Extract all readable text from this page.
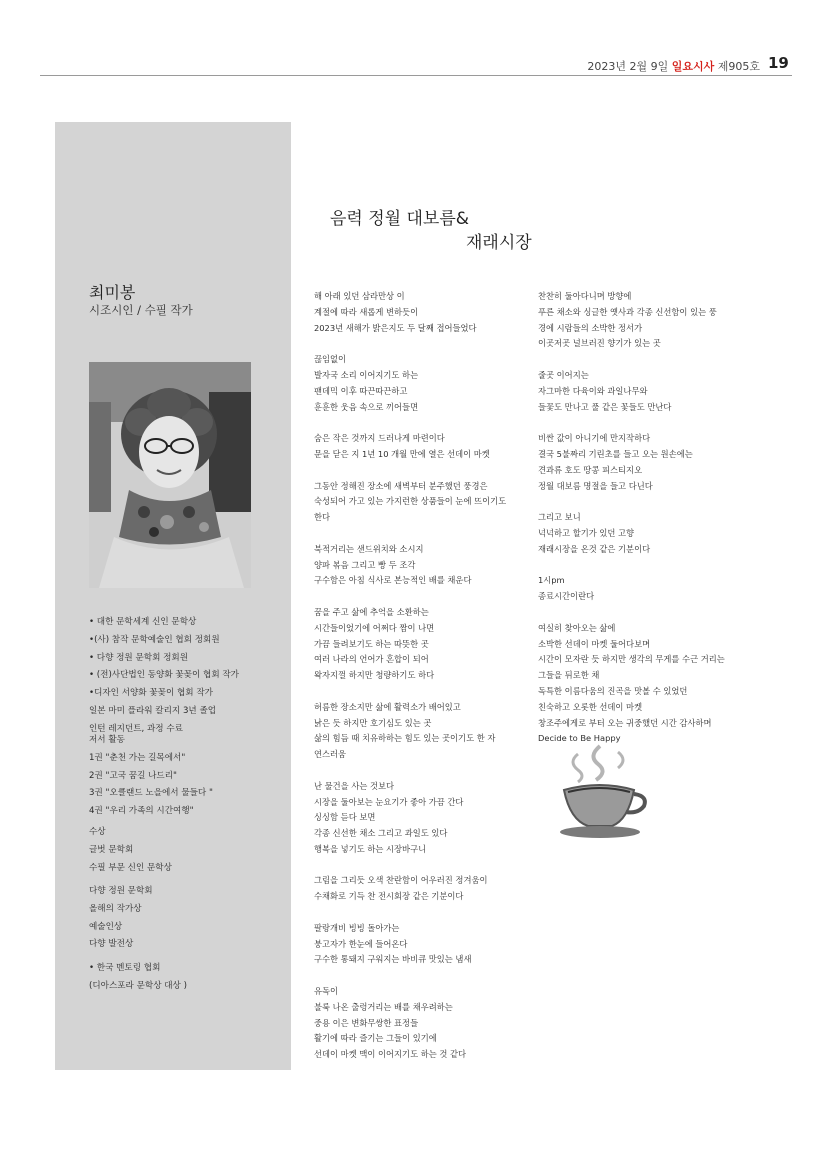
2023년 2월 9일 일요시사 제905호 19
최미봉
시조시인 / 수필 작가
• 대한 문학세계 신인 문학상
•(사) 참작 문학예술인 협회 정회원
• 다향 정원 문학회 정회원
• (전)사단법인 동양화 꽃꽂이 협회 작가
•디자인 서양화 꽃꽂이 협회 작가
일본 마미 플라워 칼리지 3년 졸업
인턴 레지던트, 과정 수료
저서 활동
1권 "춘천 가는 길목에서"
2권 "고국 꿈길 나드리"
3권 "오클랜드 노을에서 물들다 "
4권 "우리 가족의 시간여행"
수상
글벗 문학회
수필 부문 신인 문학상
다향 정원 문학회
올해의 작가상
예술인상
다향 발전상
• 한국 멘토링 협회
(디아스포라 문학상 대상 )
음력 정월 대보름&
재래시장
해 아래 있던 삼라만상 이
계절에 따라 새롭게 변하듯이
2023년 새해가 밝은지도 두 달째 접어들었다
끊임없이
발자국 소리 이어지기도 하는
팬데믹 이후 따끈따끈하고
훈훈한 웃음 속으로 끼어들면
숨은 작은 것까지 드러나게 마련이다
문을 닫은 지 1년 10 개월 만에 열은 선데이 마켓
그동안 정해진 장소에 새벽부터 분주했던 풍경은
숙성되어 가고 있는 가지런한 상품들이 눈에 뜨이기도
한다
북적거리는 샌드위치와 소시지
양파 볶음 그리고 빵 두 조각
구수함은 아침 식사로 본능적인 배를 채운다
꿈을 주고 삶에 추억을 소환하는
시간들이었기에 어쩌다 짬이 나면
가끔 들려보기도 하는 따뜻한 곳
여러 나라의 언어가 혼합이 되어
왁자지껄 하지만 청량하기도 하다
허름한 장소지만 삶에 활력소가 배어있고
낡은 듯 하지만 호기심도 있는 곳
삶의 힘듬 때 치유하하는 힘도 있는 곳이기도 한 자
연스러움
난 물건을 사는 것보다
시장을 둘아보는 눈요기가 좋아 가끔 간다
싱싱함 듣다 보면
각종 신선한 채소 그리고 과일도 있다
행복을 넣기도 하는 시장바구니
그림을 그리듯 오색 찬란함이 어우러진 정겨움이
수채화로 기득 찬 전시회장 같은 기분이다
팔랑개비 빙빙 돌아가는
붕고자가 한눈에 들어온다
구수한 통돼지 구워지는 바비큐 맛있는 냄새
유독이
불룩 나온 출렁거리는 배를 채우려하는
중용 이은 변화무쌍한 표정들
활기에 따라 즐기는 그들이 있기에
선데이 마켓 맥이 이어지기도 하는 것 같다
찬찬히 둘아다니며 방향에
푸른 채소와 싱글한 옛사과 각종 신선함이 있는 풍
경에 시람들의 소박한 정서가
이곳저곳 널브러진 향기가 있는 곳
줄곳 이어지는
자그마한 다육이와 과일나무와
들꽃도 만나고 풀 같은 꽃들도 만난다
비싼 값이 아니기에 만지작하다
결국 5불짜리 기린초를 들고 오는 원손에는
견과류 호도 땅콩 피스티지오
정월 대보름 명절을 들고 다닌다
그리고 보니
넉넉하고 할기가 있던 고향
재래시장을 온것 같은 기분이다
1시pm
종료시간이란다
여실히 찾아오는 삶에
소박한 선데이 마켓 둘어다보며
시간이 모자란 듯 하지만 생각의 무게를 수근 거리는
그들을 뒤로한 채
독특한 이름다움의 진곡을 맛볼 수 있었던
친숙하고 오롯한 선데이 마켓
창조주에게로 부터 오는 귀중했던 시간 감사하며
Decide to Be Happy
